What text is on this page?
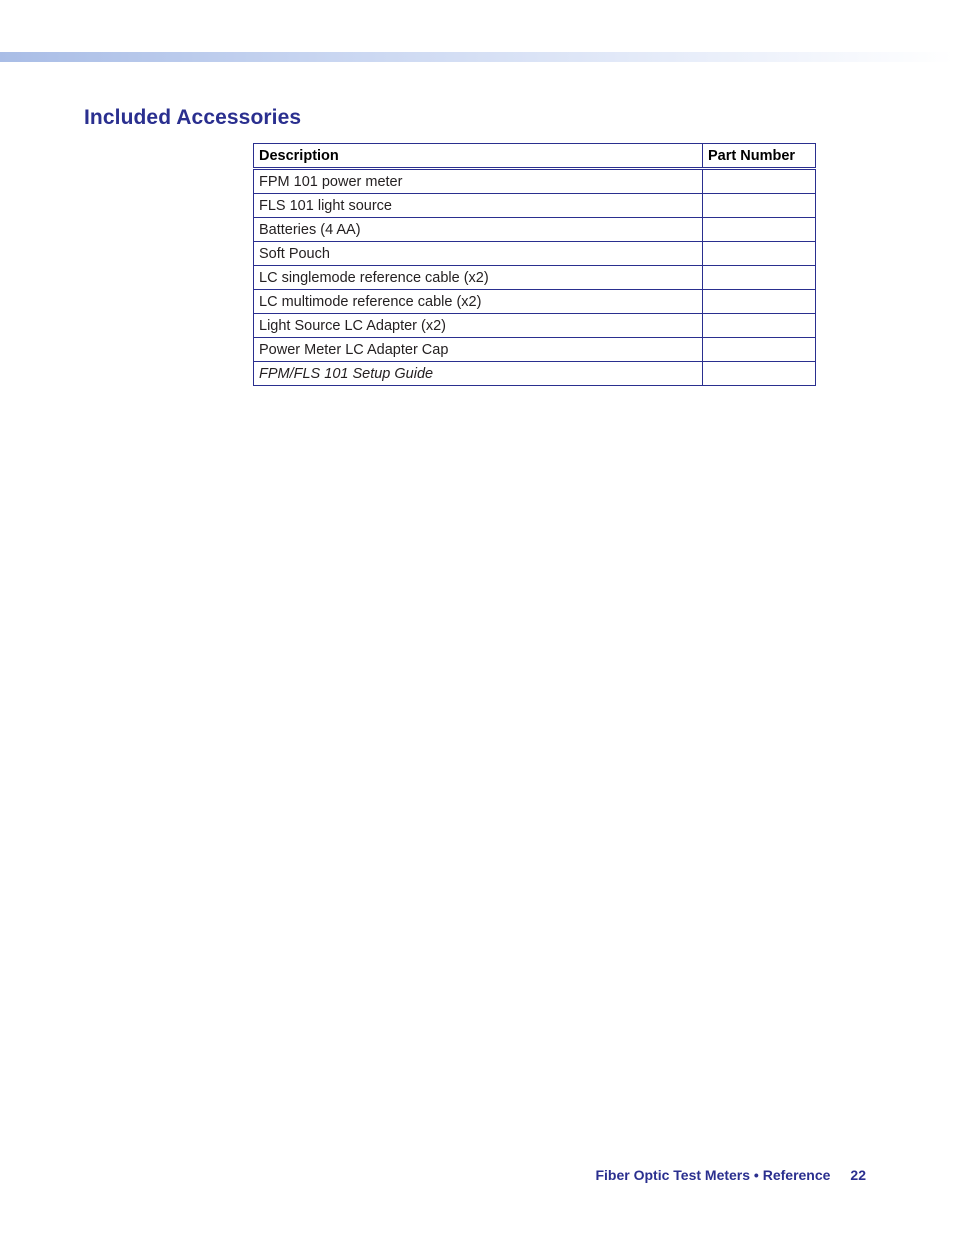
Included Accessories
Description	Part Number
FPM 101 power meter	
FLS 101 light source	
Batteries (4 AA)	
Soft Pouch	
LC singlemode reference cable (x2)	
LC multimode reference cable (x2)	
Light Source LC Adapter (x2)	
Power Meter LC Adapter Cap	
FPM/FLS 101 Setup Guide	
Fiber Optic Test Meters • Reference 22
